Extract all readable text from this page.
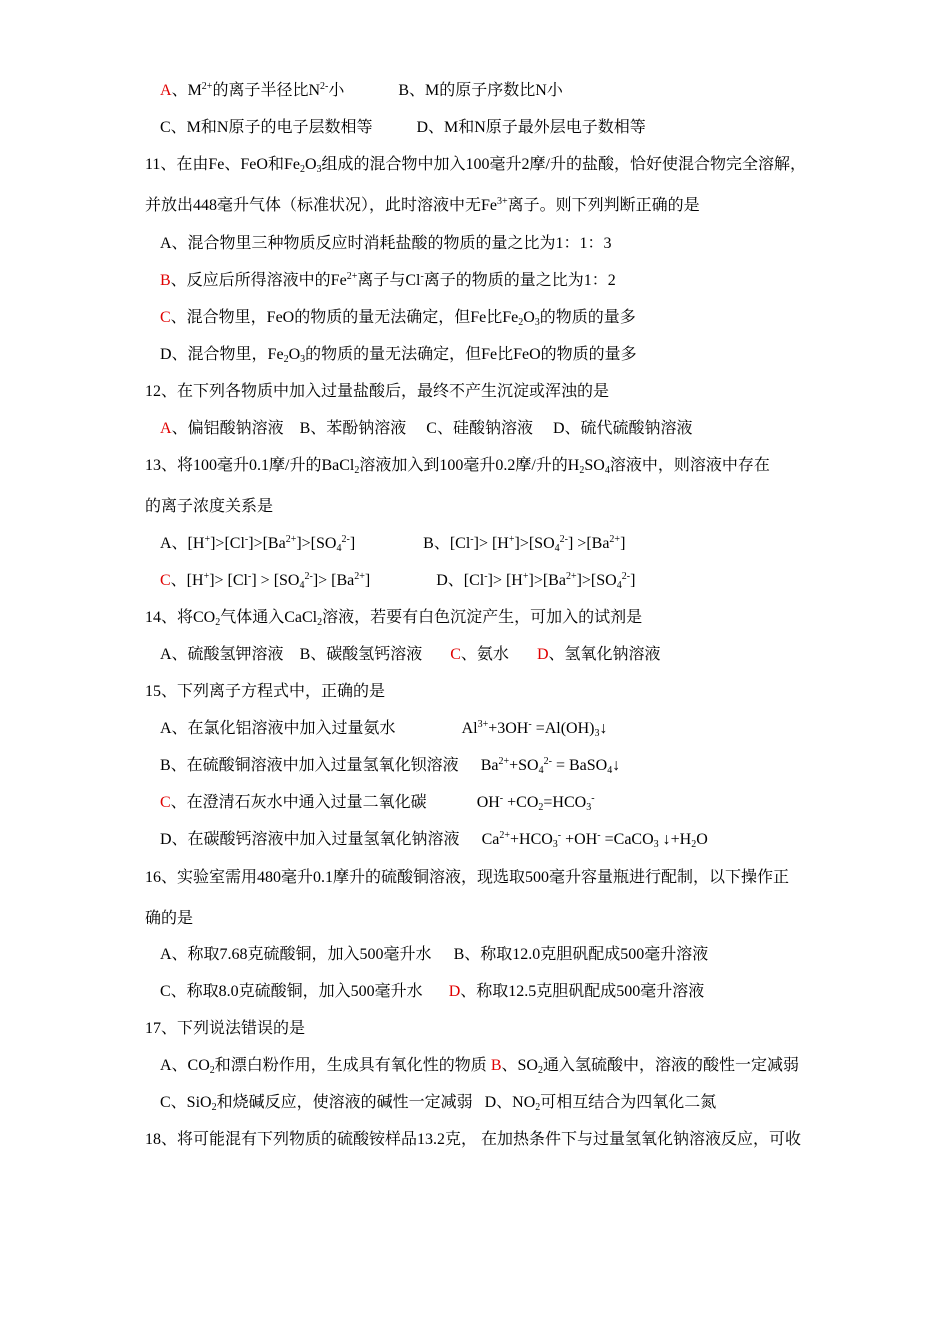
A、$M^{2+}$的离子半径比$N^{2-}$小	B、M的原子序数比N小
C、M和N原子的电子层数相等	D、M和N原子最外层电子数相等
11、在由Fe、FeO和$Fe_2O_3$组成的混合物中加入100毫升2摩/升的盐酸，恰好使混合物完全溶解，
并放出448毫升气体（标准状况），此时溶液中无$Fe^{3+}$离子。则下列判断正确的是
A、混合物里三种物质反应时消耗盐酸的物质的量之比为1：1：3
B、反应后所得溶液中的$Fe^{2+}$离子与Cl-离子的物质的量之比为1：2
C、混合物里，FeO的物质的量无法确定，但Fe比$Fe_2O_3$的物质的量多
D、混合物里，$Fe_2O_3$的物质的量无法确定，但Fe比FeO的物质的量多
12、在下列各物质中加入过量盐酸后，最终不产生沉淀或浑浊的是
A、偏铝酸钠溶液 B、苯酚钠溶液 C、硅酸钠溶液 D、硫代硫酸钠溶液
13、将100毫升0.1摩/升的BaCl$_2$溶液加入到100毫升0.2摩/升的$H_2SO_4$溶液中，则溶液中存在
的离子浓度关系是
A、$[H^+]>[Cl^-]>[Ba^{2+}]>[SO_4^{2-}]$	B、$[Cl^-]> [H^+]>[SO_4^{2-}] >[Ba^{2+}]$
C、$[H^+]> [Cl^-] > [SO_4^{2-}]> [Ba^{2+}]$	D、$[Cl^-]> [H^+]>[Ba^{2+}]>[SO_4^{2-}]$
14、将$CO_2$气体通入CaCl$_2$溶液，若要有白色沉淀产生，可加入的试剂是
A、硫酸氢钾溶液 B、碳酸氢钙溶液 C、氨水 D、氢氧化钠溶液
15、下列离子方程式中，正确的是
A、在氯化铝溶液中加入过量氨水	$Al^{3+}+3OH^-$ $=Al(OH)_3↓$
B、在硫酸铜溶液中加入过量氢氧化钡溶液 $Ba^{2+}+SO_4^{2-}$ = BaSO$_4$↓
C、在澄清石灰水中通入过量二氧化碳	$OH^- +CO_2=HCO_3^-$
D、在碳酸钙溶液中加入过量氢氧化钠溶液 $Ca^{2+}+HCO_3^- +OH^-$ =CaCO$_3$ $↓+H_2O$
16、实验室需用480毫升0.1摩升的硫酸铜溶液，现选取500毫升容量瓶进行配制，以下操作正
确的是
A、称取7.68克硫酸铜，加入500毫升水 B、称取12.0克胆矾配成500毫升溶液
C、称取8.0克硫酸铜，加入500毫升水 D、称取12.5克胆矾配成500毫升溶液
17、下列说法错误的是
A、$CO_2$和漂白粉作用，生成具有氧化性的物质 B、$SO_2$通入氢硫酸中，溶液的酸性一定减弱
C、SiO$_2$和烧碱反应，使溶液的碱性一定减弱 D、$NO_2$可相互结合为四氧化二氮
18、将可能混有下列物质的硫酸铵样品13.2克， 在加热条件下与过量氢氧化钠溶液反应，可收
